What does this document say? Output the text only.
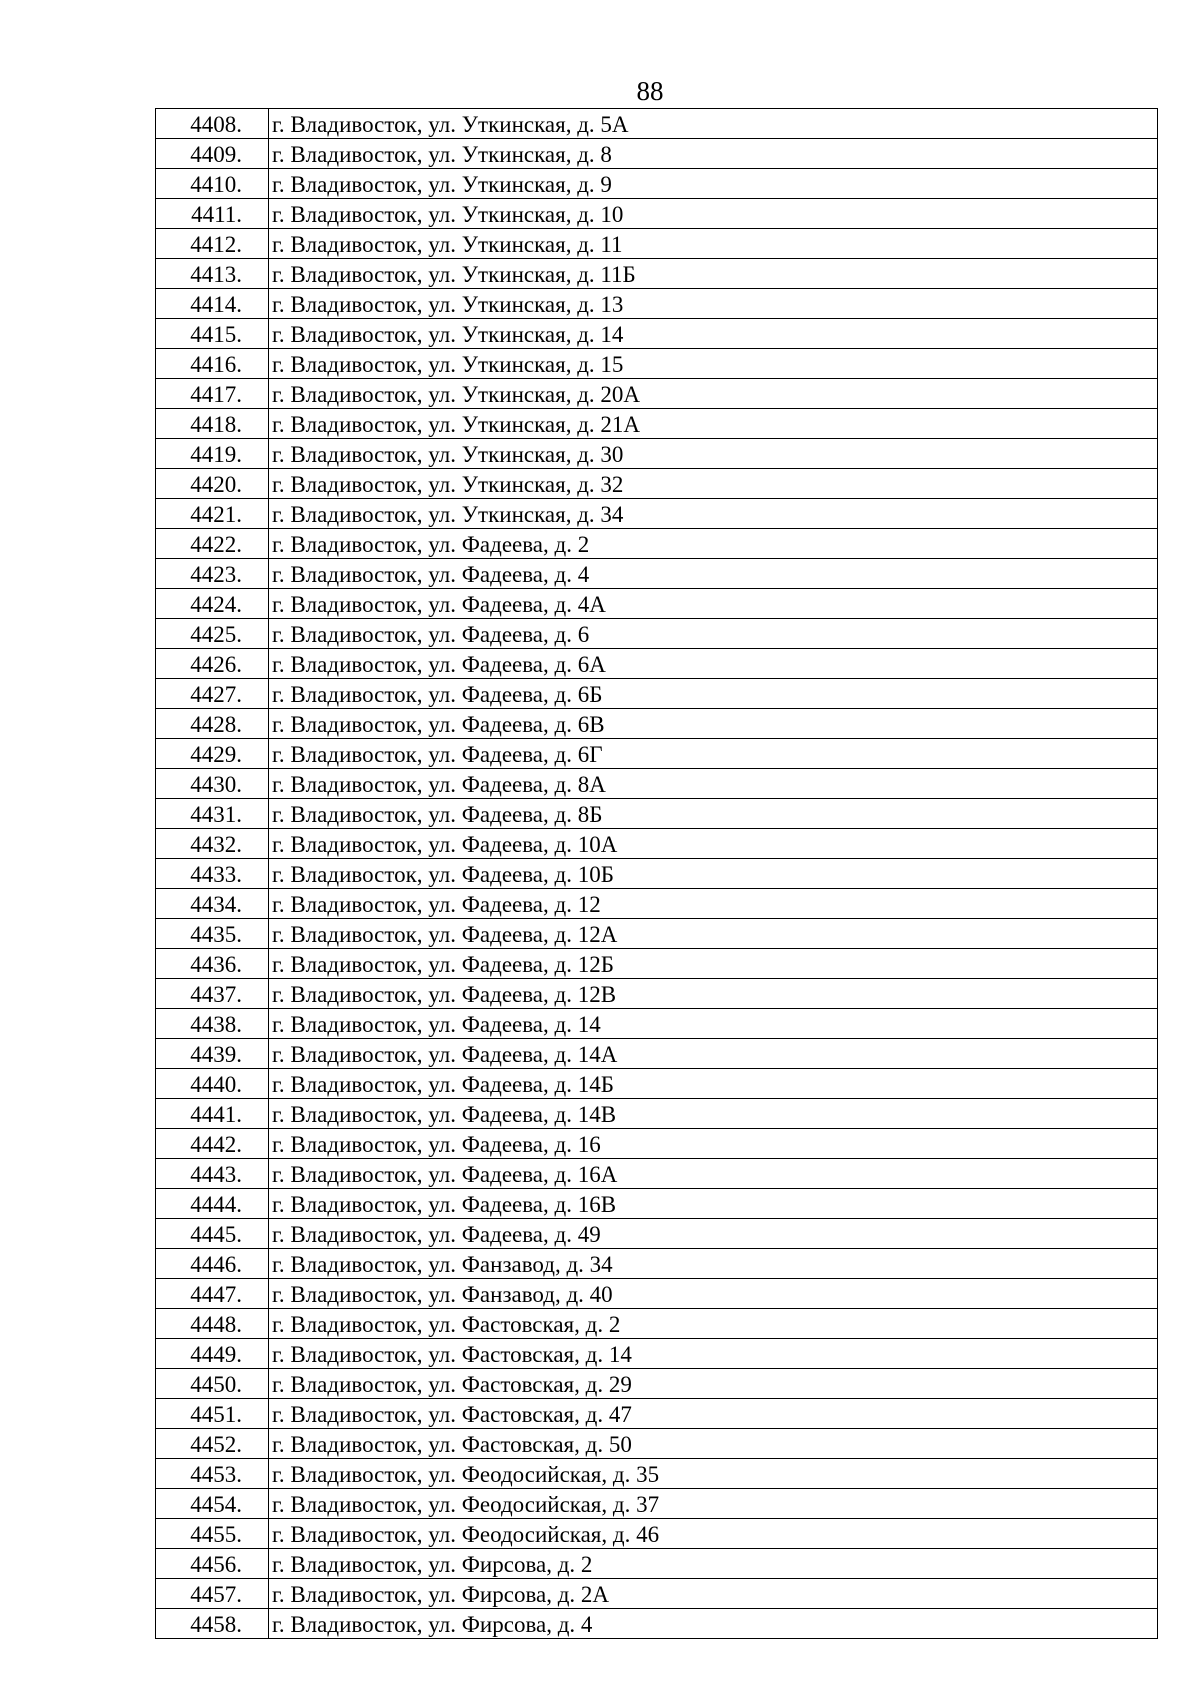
88
4408.	г. Владивосток, ул. Уткинская, д. 5А
4409.	г. Владивосток, ул. Уткинская, д. 8
4410.	г. Владивосток, ул. Уткинская, д. 9
4411.	г. Владивосток, ул. Уткинская, д. 10
4412.	г. Владивосток, ул. Уткинская, д. 11
4413.	г. Владивосток, ул. Уткинская, д. 11Б
4414.	г. Владивосток, ул. Уткинская, д. 13
4415.	г. Владивосток, ул. Уткинская, д. 14
4416.	г. Владивосток, ул. Уткинская, д. 15
4417.	г. Владивосток, ул. Уткинская, д. 20А
4418.	г. Владивосток, ул. Уткинская, д. 21А
4419.	г. Владивосток, ул. Уткинская, д. 30
4420.	г. Владивосток, ул. Уткинская, д. 32
4421.	г. Владивосток, ул. Уткинская, д. 34
4422.	г. Владивосток, ул. Фадеева, д. 2
4423.	г. Владивосток, ул. Фадеева, д. 4
4424.	г. Владивосток, ул. Фадеева, д. 4А
4425.	г. Владивосток, ул. Фадеева, д. 6
4426.	г. Владивосток, ул. Фадеева, д. 6А
4427.	г. Владивосток, ул. Фадеева, д. 6Б
4428.	г. Владивосток, ул. Фадеева, д. 6В
4429.	г. Владивосток, ул. Фадеева, д. 6Г
4430.	г. Владивосток, ул. Фадеева, д. 8А
4431.	г. Владивосток, ул. Фадеева, д. 8Б
4432.	г. Владивосток, ул. Фадеева, д. 10А
4433.	г. Владивосток, ул. Фадеева, д. 10Б
4434.	г. Владивосток, ул. Фадеева, д. 12
4435.	г. Владивосток, ул. Фадеева, д. 12А
4436.	г. Владивосток, ул. Фадеева, д. 12Б
4437.	г. Владивосток, ул. Фадеева, д. 12В
4438.	г. Владивосток, ул. Фадеева, д. 14
4439.	г. Владивосток, ул. Фадеева, д. 14А
4440.	г. Владивосток, ул. Фадеева, д. 14Б
4441.	г. Владивосток, ул. Фадеева, д. 14В
4442.	г. Владивосток, ул. Фадеева, д. 16
4443.	г. Владивосток, ул. Фадеева, д. 16А
4444.	г. Владивосток, ул. Фадеева, д. 16В
4445.	г. Владивосток, ул. Фадеева, д. 49
4446.	г. Владивосток, ул. Фанзавод, д. 34
4447.	г. Владивосток, ул. Фанзавод, д. 40
4448.	г. Владивосток, ул. Фастовская, д. 2
4449.	г. Владивосток, ул. Фастовская, д. 14
4450.	г. Владивосток, ул. Фастовская, д. 29
4451.	г. Владивосток, ул. Фастовская, д. 47
4452.	г. Владивосток, ул. Фастовская, д. 50
4453.	г. Владивосток, ул. Феодосийская, д. 35
4454.	г. Владивосток, ул. Феодосийская, д. 37
4455.	г. Владивосток, ул. Феодосийская, д. 46
4456.	г. Владивосток, ул. Фирсова, д. 2
4457.	г. Владивосток, ул. Фирсова, д. 2А
4458.	г. Владивосток, ул. Фирсова, д. 4
